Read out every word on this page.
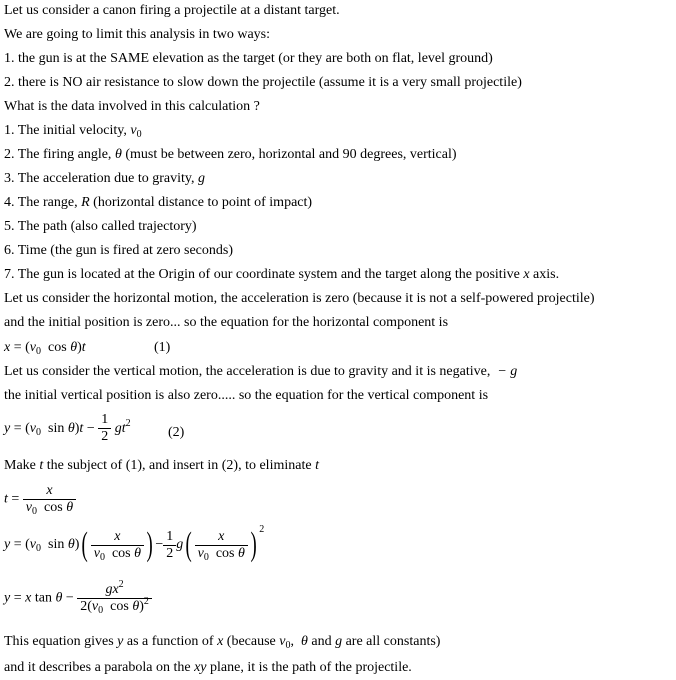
Let us consider a canon firing a projectile at a distant target.
We are going to limit this analysis in two ways:
1. the gun is at the SAME elevation as the target (or they are both on flat, level ground)
2. there is NO air resistance to slow down the projectile (assume it is a very small projectile)
What is the data involved in this calculation ?
1. The initial velocity, $v_0$
2. The firing angle, θ (must be between zero, horizontal and 90 degrees, vertical)
3. The acceleration due to gravity, g
4. The range, R (horizontal distance to point of impact)
5. The path (also called trajectory)
6. Time (the gun is fired at zero seconds)
7. The gun is located at the Origin of our coordinate system and the target along the positive x axis.
Let us consider the horizontal motion, the acceleration is zero (because it is not a self-powered projectile)
and the initial position is zero... so the equation for the horizontal component is
$x = (v_0$ cos θ)t	(1)
Let us consider the vertical motion, the acceleration is due to gravity and it is negative, − g
the initial vertical position is also zero..... so the equation for the vertical component is
$y = (v_0$ $\sin \theta)t - \frac{1}{2} gt^2$
(2)
Make t the subject of (1), and insert in (2), to eliminate t
$t = \frac{x}{v_0 \cos \theta}$
$y = (v_0$ $\sin \theta)( \frac{x}{v_0 \cos \theta}$ ) − $\frac{1}{2} g( \frac{x}{v_0 \cos \theta}$ ) $^2$
y = x $\tan \theta - \frac{gx^2}{2(v_0 \cos \theta)^2}$
This equation gives y as a function of x (because $v_0$,  θ and g are all constants)
and it describes a parabola on the xy plane, it is the path of the projectile.
